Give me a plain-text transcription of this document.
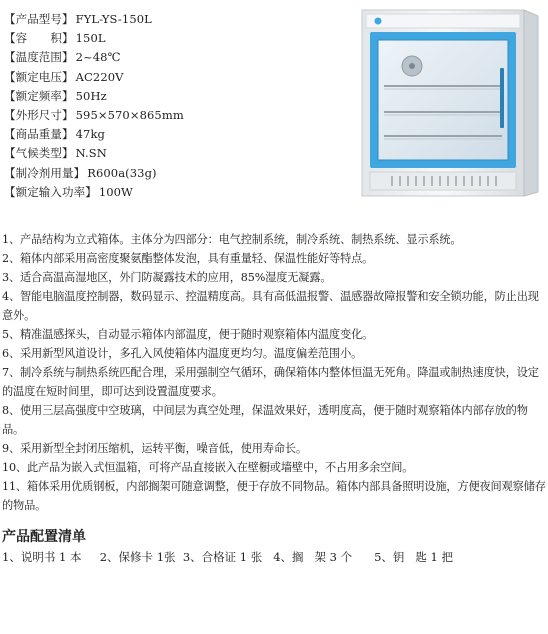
【产品型号】 FYL-YS-150L
【容　　积】 150L
【温度范围】 2~48℃
【额定电压】 AC220V
【额定频率】 50Hz
【外形尺寸】 595×570×865mm
【商品重量】 47kg
【气候类型】 N.SN
【制冷剂用量】 R600a(33g)
【额定输入功率】 100W

1、产品结构为立式箱体。主体分为四部分：电气控制系统，制冷系统、制热系统、显示系统。

2、箱体内部采用高密度聚氨酯整体发泡，具有重量轻、保温性能好等特点。

3、适合高温高湿地区，外门防凝露技术的应用，85%湿度无凝露。

4、智能电脑温度控制器，数码显示、控温精度高。具有高低温报警、温感器故障报警和安全锁功能，防止出现意外。

5、精准温感探头，自动显示箱体内部温度，便于随时观察箱体内温度变化。

6、采用新型风道设计，多孔入风使箱体内温度更均匀。温度偏差范围小。

7、制冷系统与制热系统匹配合理，采用强制空气循环，确保箱体内整体恒温无死角。降温或制热速度快，设定的温度在短时间里，即可达到设置温度要求。

8、使用三层高强度中空玻璃，中间层为真空处理，保温效果好，透明度高，便于随时观察箱体内部存放的物品。

9、采用新型全封闭压缩机，运转平衡，噪音低，使用寿命长。

10、此产品为嵌入式恒温箱，可将产品直接嵌入在壁橱或墙壁中，不占用多余空间。

11、箱体采用优质钢板，内部搁架可随意调整，便于存放不同物品。箱体内部具备照明设施，方便夜间观察储存的物品。

产品配置清单
1、说明书 1 本     2、保修卡 1张  3、合格证 1 张   4、搁   架 3 个      5、钥   匙 1 把
